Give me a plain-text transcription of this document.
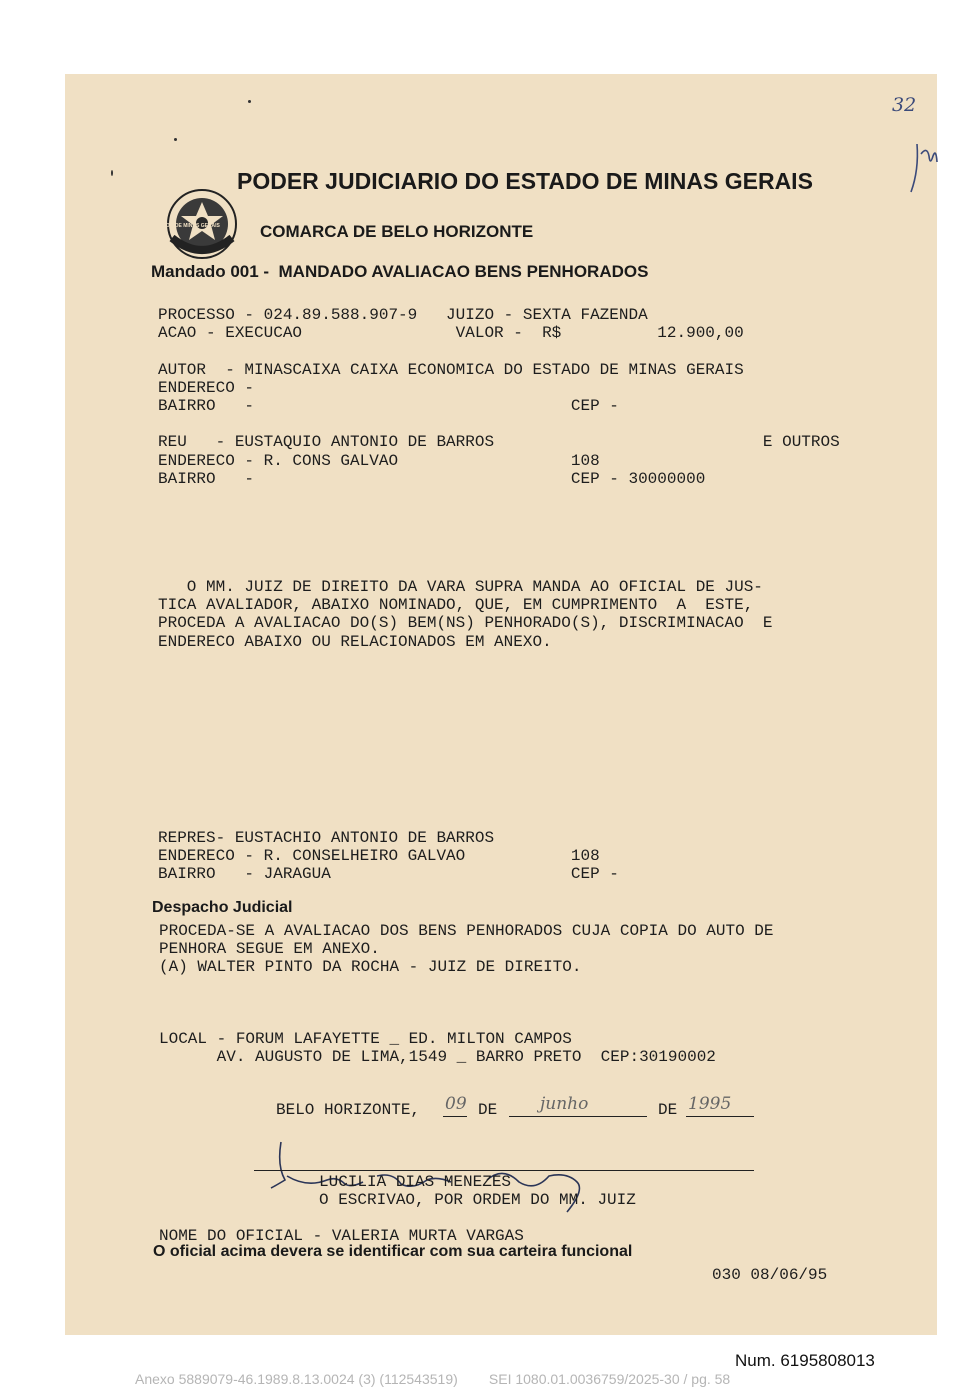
ESTADO DE MINAS GERAIS

PODER JUDICIARIO DO ESTADO DE MINAS GERAIS
COMARCA DE BELO HORIZONTE
Mandado 001 -  MANDADO AVALIACAO BENS PENHORADOS
32

PROCESSO - 024.89.588.907-9   JUIZO - SEXTA FAZENDA
ACAO - EXECUCAO                VALOR -  R$          12.900,00
AUTOR  - MINASCAIXA CAIXA ECONOMICA DO ESTADO DE MINAS GERAIS
ENDERECO -
BAIRRO   -                                 CEP -
REU   - EUSTAQUIO ANTONIO DE BARROS                            E OUTROS
ENDERECO - R. CONS GALVAO                  108
BAIRRO   -                                 CEP - 30000000
O MM. JUIZ DE DIREITO DA VARA SUPRA MANDA AO OFICIAL DE JUS-
TICA AVALIADOR, ABAIXO NOMINADO, QUE, EM CUMPRIMENTO  A  ESTE,
PROCEDA A AVALIACAO DO(S) BEM(NS) PENHORADO(S), DISCRIMINACAO  E
ENDERECO ABAIXO OU RELACIONADOS EM ANEXO.
REPRES- EUSTACHIO ANTONIO DE BARROS
ENDERECO - R. CONSELHEIRO GALVAO           108
BAIRRO   - JARAGUA                         CEP -
Despacho Judicial
PROCEDA-SE A AVALIACAO DOS BENS PENHORADOS CUJA COPIA DO AUTO DE
PENHORA SEGUE EM ANEXO.
(A) WALTER PINTO DA ROCHA - JUIZ DE DIREITO.
LOCAL - FORUM LAFAYETTE _ ED. MILTON CAMPOS
AV. AUGUSTO DE LIMA,1549 _ BARRO PRETO  CEP:30190002
BELO HORIZONTE, 09 DE	junho	DE 1995

LUCILIA DIAS MENEZES
O ESCRIVAO, POR ORDEM DO MM. JUIZ
NOME DO OFICIAL - VALERIA MURTA VARGAS
O oficial acima devera se identificar com sua carteira funcional
030 08/06/95
Num. 6195808013
Anexo 5889079-46.1989.8.13.0024 (3) (112543519)        SEI 1080.01.0036759/2025-30 / pg. 58
